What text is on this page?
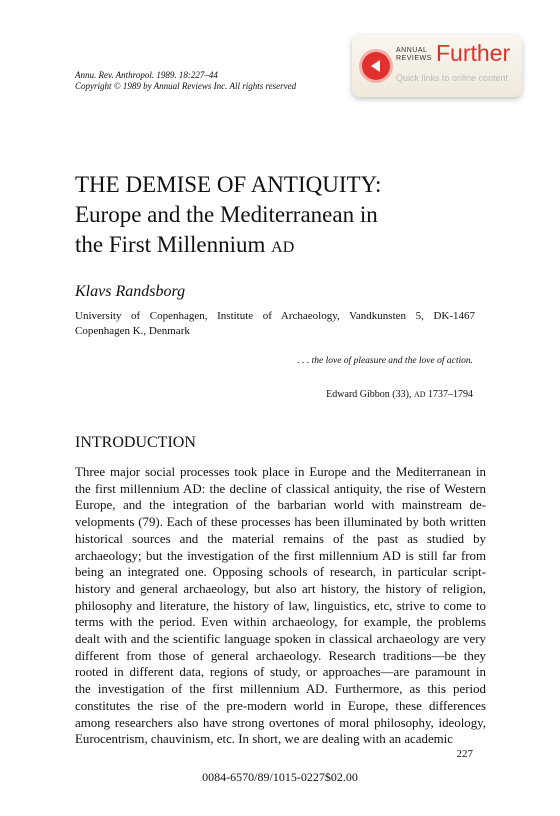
Annu. Rev. Anthropol. 1989. 18:227–44
Copyright © 1989 by Annual Reviews Inc. All rights reserved
ANNUAL
REVIEWS Further
Quick links to online content
THE DEMISE OF ANTIQUITY:
Europe and the Mediterranean in
the First Millennium AD
Klavs Randsborg
University of Copenhagen, Institute of Archaeology, Vandkunsten 5, DK-1467
Copenhagen K., Denmark
. . . the love of pleasure and the love of action.
Edward Gibbon (33), AD 1737–1794
INTRODUCTION
Three major social processes took place in Europe and the Mediterranean in
the first millennium AD: the decline of classical antiquity, the rise of Western
Europe, and the integration of the barbarian world with mainstream de-
velopments (79). Each of these processes has been illuminated by both written
historical sources and the material remains of the past as studied by
archaeology; but the investigation of the first millennium AD is still far from
being an integrated one. Opposing schools of research, in particular script-
history and general archaeology, but also art history, the history of religion,
philosophy and literature, the history of law, linguistics, etc, strive to come to
terms with the period. Even within archaeology, for example, the problems
dealt with and the scientific language spoken in classical archaeology are very
different from those of general archaeology. Research traditions—be they
rooted in different data, regions of study, or approaches—are paramount in
the investigation of the first millennium AD. Furthermore, as this period
constitutes the rise of the pre-modern world in Europe, these differences
among researchers also have strong overtones of moral philosophy, ideology,
Eurocentrism, chauvinism, etc. In short, we are dealing with an academic
227
0084-6570/89/1015-0227$02.00
